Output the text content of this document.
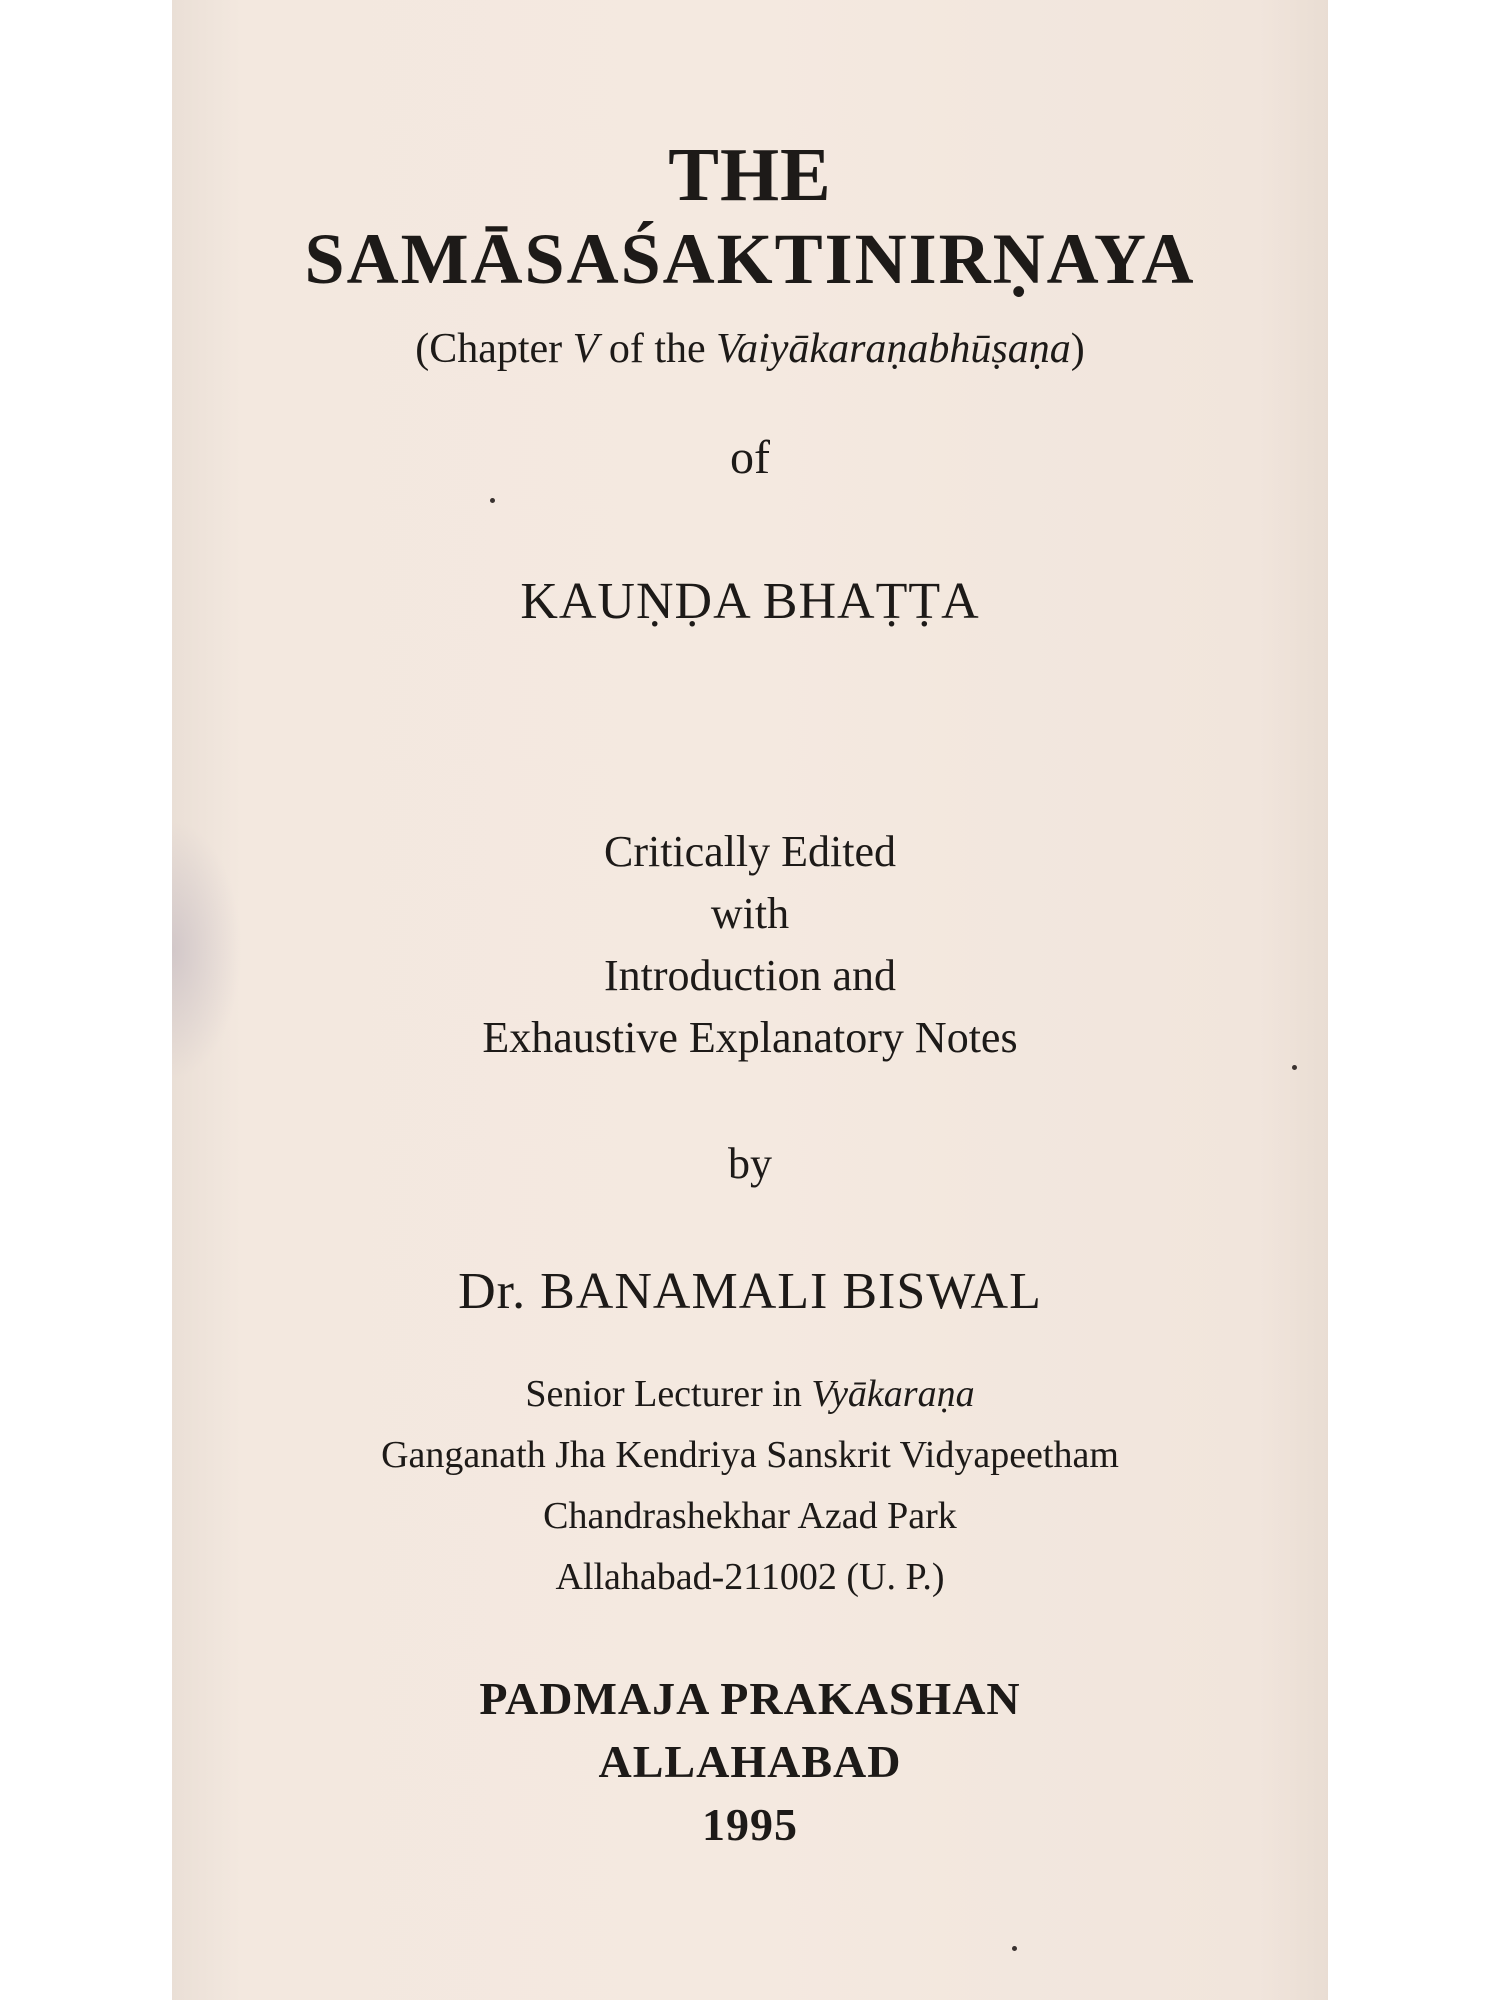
THE
SAMĀSAŚAKTINIRṆAYA
(Chapter V of the Vaiyākaraṇabhūṣaṇa)
of
KAUṆḌA BHAṬṬA
Critically Edited
with
Introduction and
Exhaustive Explanatory Notes
by
Dr. BANAMALI BISWAL
Senior Lecturer in Vyākaraṇa
Ganganath Jha Kendriya Sanskrit Vidyapeetham
Chandrashekhar Azad Park
Allahabad-211002 (U. P.)
PADMAJA PRAKASHAN
ALLAHABAD
1995
